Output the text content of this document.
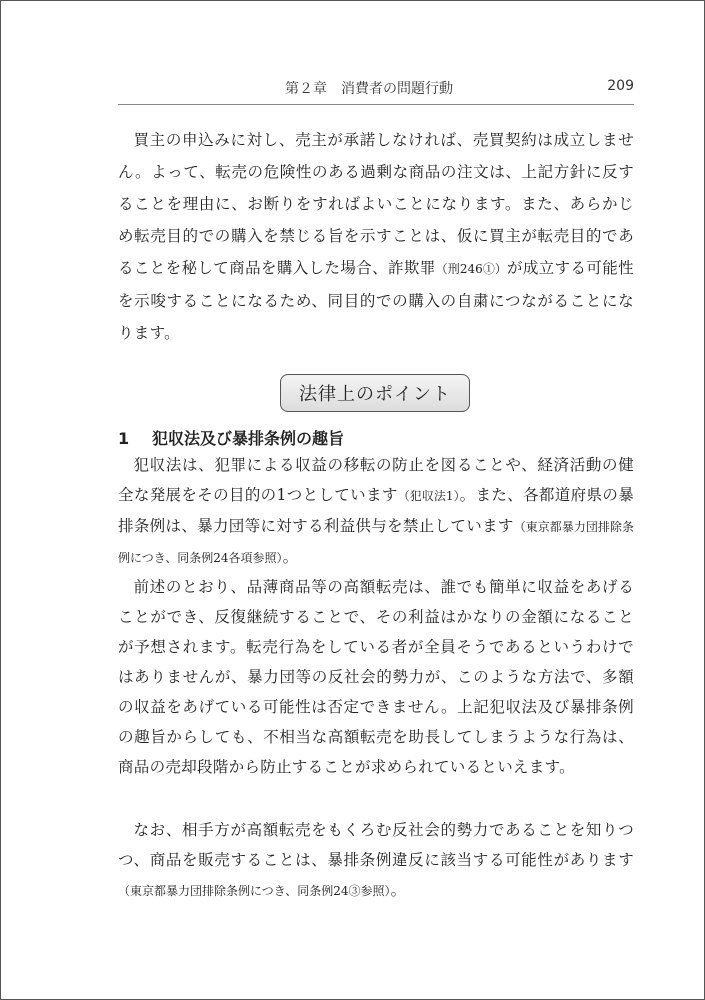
第２章　消費者の問題行動	209

買主の申込みに対し、売主が承諾しなければ、売買契約は成立しません。よって、転売の危険性のある過剰な商品の注文は、上記方針に反することを理由に、お断りをすればよいことになります。また、あらかじめ転売目的での購入を禁じる旨を示すことは、仮に買主が転売目的であることを秘して商品を購入した場合、詐欺罪（刑246①）が成立する可能性を示唆することになるため、同目的での購入の自粛につながることになります。

法律上のポイント
1 犯収法及び暴排条例の趣旨

犯収法は、犯罪による収益の移転の防止を図ることや、経済活動の健全な発展をその目的の1つとしています（犯収法1）。また、各都道府県の暴排条例は、暴力団等に対する利益供与を禁止しています（東京都暴力団排除条例につき、同条例24各項参照）。

前述のとおり、品薄商品等の高額転売は、誰でも簡単に収益をあげることができ、反復継続することで、その利益はかなりの金額になることが予想されます。転売行為をしている者が全員そうであるというわけではありませんが、暴力団等の反社会的勢力が、このような方法で、多額の収益をあげている可能性は否定できません。上記犯収法及び暴排条例の趣旨からしても、不相当な高額転売を助長してしまうような行為は、商品の売却段階から防止することが求められているといえます。

なお、相手方が高額転売をもくろむ反社会的勢力であることを知りつつ、商品を販売することは、暴排条例違反に該当する可能性があります（東京都暴力団排除条例につき、同条例24③参照）。
